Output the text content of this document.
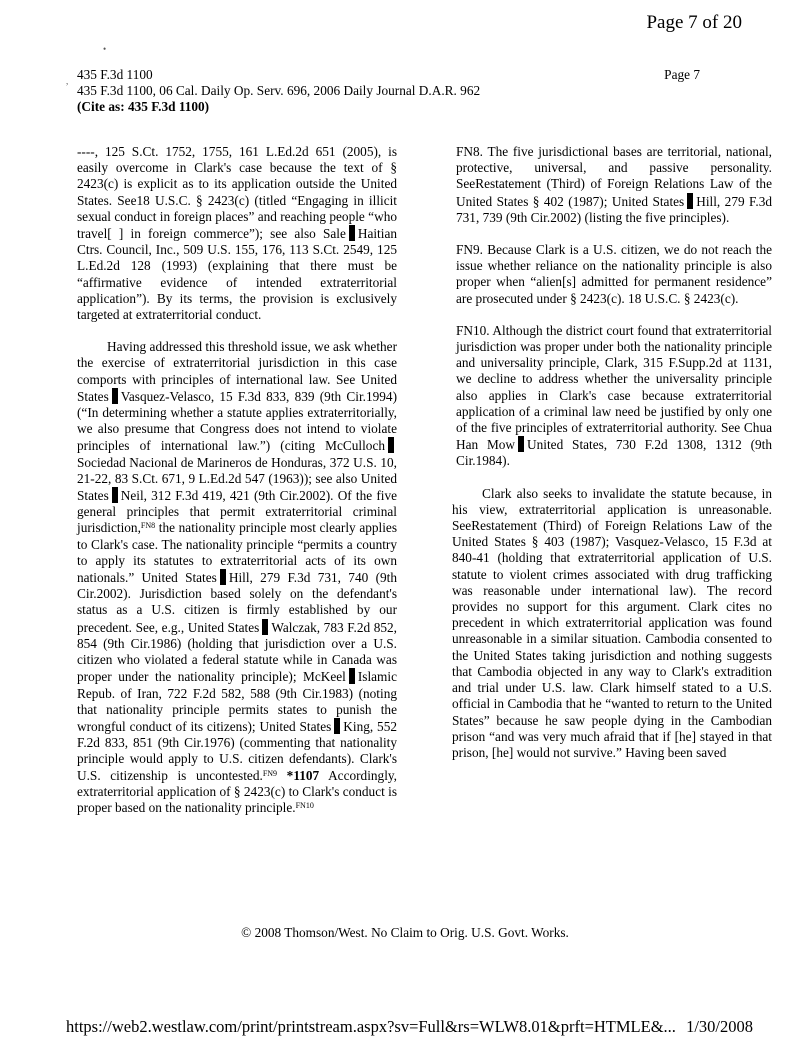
Page 7 of 20
•
, 435 F.3d 1100
435 F.3d 1100, 06 Cal. Daily Op. Serv. 696, 2006 Daily Journal D.A.R. 962
(Cite as: 435 F.3d 1100)
Page 7

----, 125 S.Ct. 1752, 1755, 161 L.Ed.2d 651 (2005), is easily overcome in Clark's case because the text of § 2423(c) is explicit as to its application outside the United States. See18 U.S.C. § 2423(c) (titled “Engaging in illicit sexual conduct in foreign places” and reaching people “who travel[ ] in foreign commerce”); see also Sale Haitian Ctrs. Council, Inc., 509 U.S. 155, 176, 113 S.Ct. 2549, 125 L.Ed.2d 128 (1993) (explaining that there must be “affirmative evidence of intended extraterritorial application”). By its terms, the provision is exclusively targeted at extraterritorial conduct.

Having addressed this threshold issue, we ask whether the exercise of extraterritorial jurisdiction in this case comports with principles of international law. See United States Vasquez-Velasco, 15 F.3d 833, 839 (9th Cir.1994) (“In determining whether a statute applies extraterritorially, we also presume that Congress does not intend to violate principles of international law.”) (citing McCullochSociedad Nacional de Marineros de Honduras, 372 U.S. 10, 21-22, 83 S.Ct. 671, 9 L.Ed.2d 547 (1963)); see also United States Neil, 312 F.3d 419, 421 (9th Cir.2002). Of the five general principles that permit extraterritorial criminal jurisdiction,$^{FN8}$ the nationality principle most clearly applies to Clark's case. The nationality principle “permits a country to apply its statutes to extraterritorial acts of its own nationals.” United States Hill, 279 F.3d 731, 740 (9th Cir.2002). Jurisdiction based solely on the defendant's status as a U.S. citizen is firmly established by our precedent. See, e.g., United States Walczak, 783 F.2d 852, 854 (9th Cir.1986) (holding that jurisdiction over a U.S. citizen who violated a federal statute while in Canada was proper under the nationality principle); McKeel Islamic Repub. of Iran, 722 F.2d 582, 588 (9th Cir.1983) (noting that nationality principle permits states to punish the wrongful conduct of its citizens); United States King, 552 F.2d 833, 851 (9th Cir.1976) (commenting that nationality principle would apply to U.S. citizen defendants). Clark's U.S. citizenship is uncontested.$^{FN9}$ *1107 Accordingly, extraterritorial application of § 2423(c) to Clark's conduct is proper based on the nationality principle.$^{FN10}$

FN8. The five jurisdictional bases are territorial, national, protective, universal, and passive personality. SeeRestatement (Third) of Foreign Relations Law of the United States § 402 (1987); United States Hill, 279 F.3d 731, 739 (9th Cir.2002) (listing the five principles).

FN9. Because Clark is a U.S. citizen, we do not reach the issue whether reliance on the nationality principle is also proper when “alien[s] admitted for permanent residence” are prosecuted under § 2423(c). 18 U.S.C. § 2423(c).

FN10. Although the district court found that extraterritorial jurisdiction was proper under both the nationality principle and universality principle, Clark, 315 F.Supp.2d at 1131, we decline to address whether the universality principle also applies in Clark's case because extraterritorial application of a criminal law need be justified by only one of the five principles of extraterritorial authority. See Chua Han Mow United States, 730 F.2d 1308, 1312 (9th Cir.1984).

Clark also seeks to invalidate the statute because, in his view, extraterritorial application is unreasonable. SeeRestatement (Third) of Foreign Relations Law of the United States § 403 (1987); Vasquez-Velasco, 15 F.3d at 840-41 (holding that extraterritorial application of U.S. statute to violent crimes associated with drug trafficking was reasonable under international law). The record provides no support for this argument. Clark cites no precedent in which extraterritorial application was found unreasonable in a similar situation. Cambodia consented to the United States taking jurisdiction and nothing suggests that Cambodia objected in any way to Clark's extradition and trial under U.S. law. Clark himself stated to a U.S. official in Cambodia that he “wanted to return to the United States” because he saw people dying in the Cambodian prison “and was very much afraid that if [he] stayed in that prison, [he] would not survive.” Having been saved

© 2008 Thomson/West. No Claim to Orig. U.S. Govt. Works.
https://web2.westlaw.com/print/printstream.aspx?sv=Full&rs=WLW8.01&prft=HTMLE&... 1/30/2008
